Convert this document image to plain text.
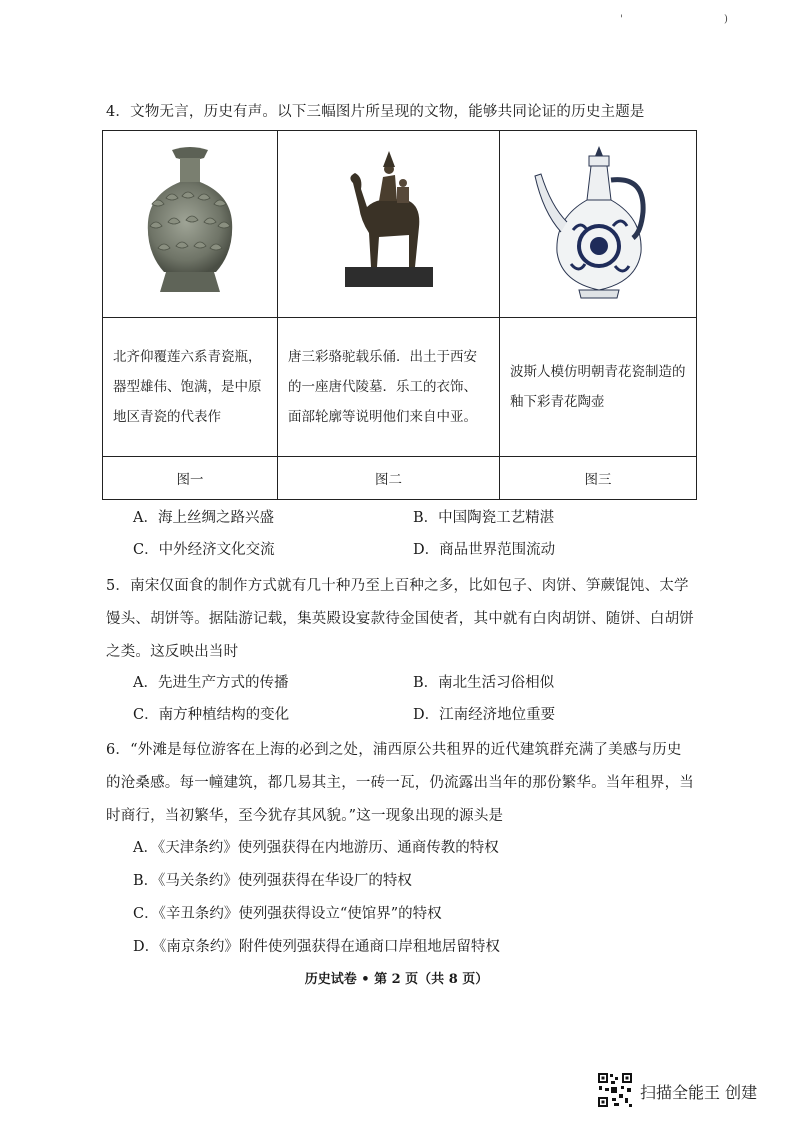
'	)
4．文物无言，历史有声。以下三幅图片所呈现的文物，能够共同论证的历史主题是

北齐仰覆莲六系青瓷瓶，器型雄伟、饱满，是中原地区青瓷的代表作	唐三彩骆驼载乐俑．出土于西安的一座唐代陵墓．乐工的衣饰、面部轮廓等说明他们来自中亚。	波斯人模仿明朝青花瓷制造的釉下彩青花陶壶
图一	图二	图三
A．海上丝绸之路兴盛	B．中国陶瓷工艺精湛
C．中外经济文化交流	D．商品世界范围流动
5．南宋仅面食的制作方式就有几十种乃至上百种之多，比如包子、肉饼、笋蕨馄饨、太学馒头、胡饼等。据陆游记载，集英殿设宴款待金国使者，其中就有白肉胡饼、随饼、白胡饼之类。这反映出当时
A．先进生产方式的传播	B．南北生活习俗相似
C．南方种植结构的变化	D．江南经济地位重要
6．“外滩是每位游客在上海的必到之处，浦西原公共租界的近代建筑群充满了美感与历史的沧桑感。每一幢建筑，都几易其主，一砖一瓦，仍流露出当年的那份繁华。当年租界，当时商行，当初繁华，至今犹存其风貌。”这一现象出现的源头是
A．《天津条约》使列强获得在内地游历、通商传教的特权
B．《马关条约》使列强获得在华设厂的特权
C．《辛丑条约》使列强获得设立“使馆界”的特权
D．《南京条约》附件使列强获得在通商口岸租地居留特权
历史试卷 • 第 2 页（共 8 页）
扫描全能王 创建
